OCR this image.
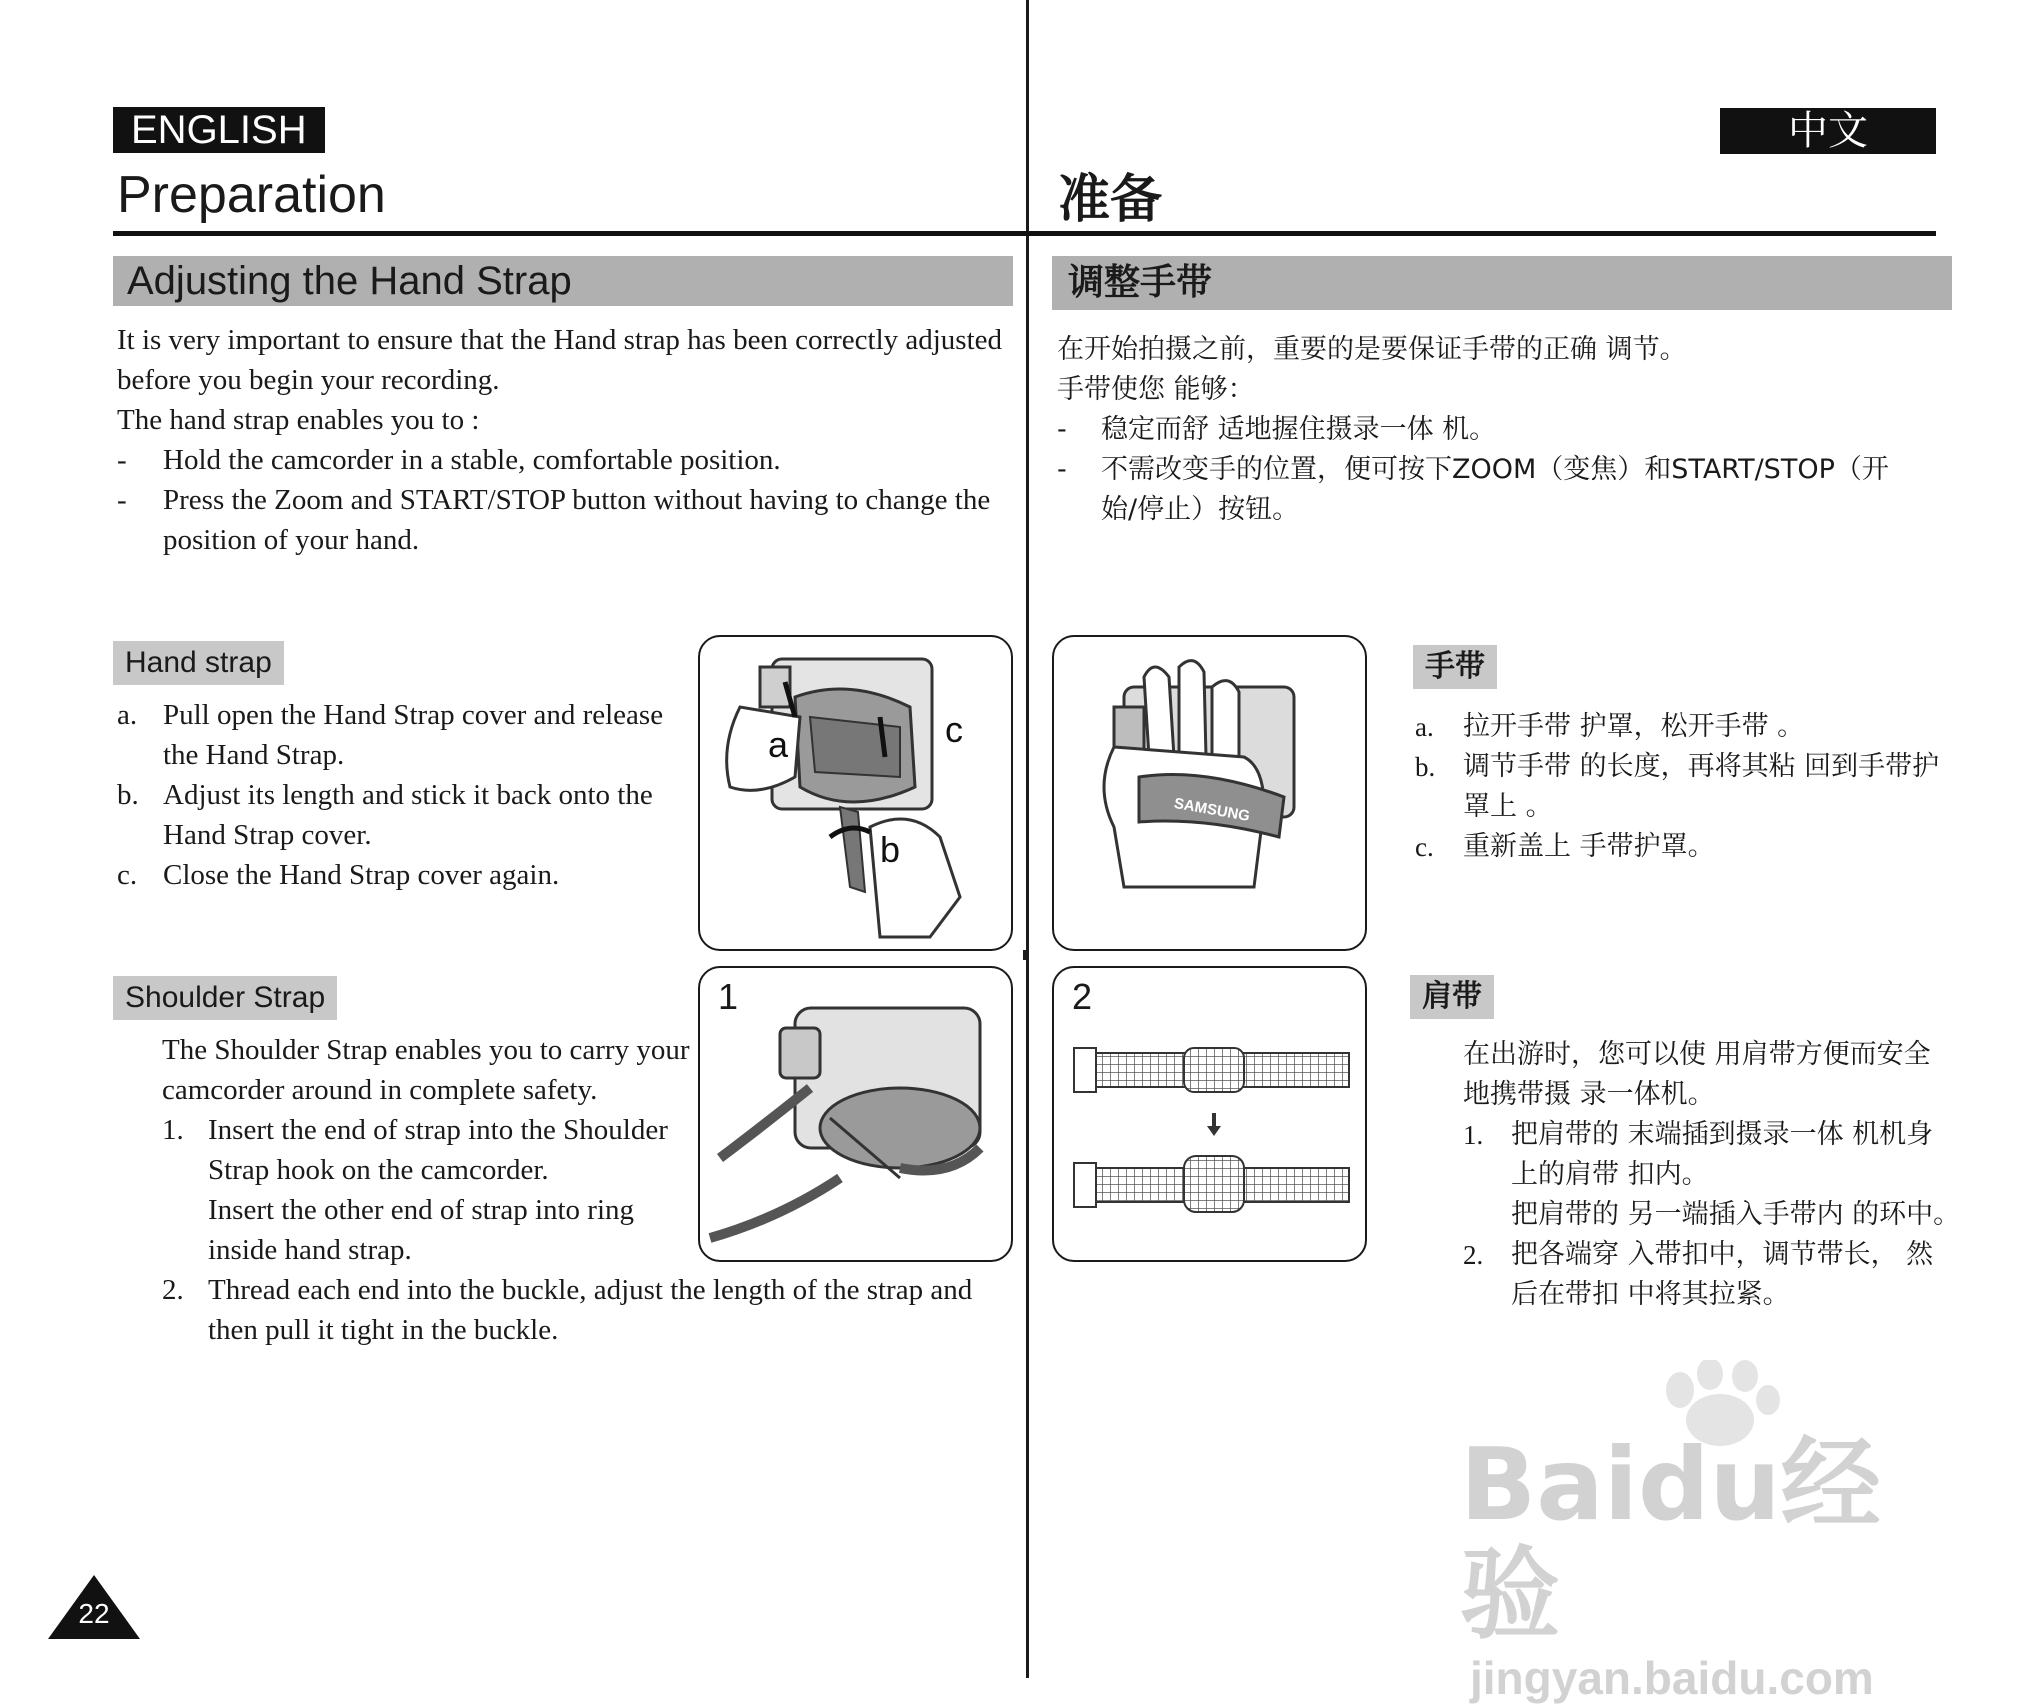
ENGLISH
Preparation
中文
准备
Adjusting the Hand Strap	调整手带

It is very important to ensure that the Hand strap has been correctly adjusted

before you begin your recording.

The hand strap enables you to :

-	Hold the camcorder in a stable, comfortable position.
-	Press the Zoom and START/STOP button without having to change the
position of your hand.

在开始拍摄之前，重要的是要保证手带的正确 调节。

手带使您 能够：

-	稳定而舒 适地握住摄录一体 机。
-	不需改变手的位置，便可按下ZOOM（变焦）和START/STOP（开
始/停止）按钮。
Hand strap
a. Pull open the Hand Strap cover and release
the Hand Strap.
b. Adjust its length and stick it back onto the
Hand Strap cover.
c. Close the Hand Strap cover again.
a
b
c
SAMSUNG
手带
a.	拉开手带 护罩，松开手带 。
b.	调节手带 的长度，再将其粘 回到手带护
罩上 。
c.	重新盖上 手带护罩。
Shoulder Strap

The Shoulder Strap enables you to carry your

camcorder around in complete safety.

1. Insert the end of strap into the Shoulder
Strap hook on the camcorder.
Insert the other end of strap into ring
inside hand strap.
2. Thread each end into the buckle, adjust the length of the strap and
then pull it tight in the buckle.
1	2	肩带

在出游时，您可以使 用肩带方便而安全

地携带摄 录一体机。

1.	把肩带的 末端插到摄录一体 机机身
上的肩带 扣内。
把肩带的 另一端插入手带内 的环中。
2.	把各端穿 入带扣中，调节带长， 然
后在带扣 中将其拉紧。
Baidu经验
jingyan.baidu.com
22
